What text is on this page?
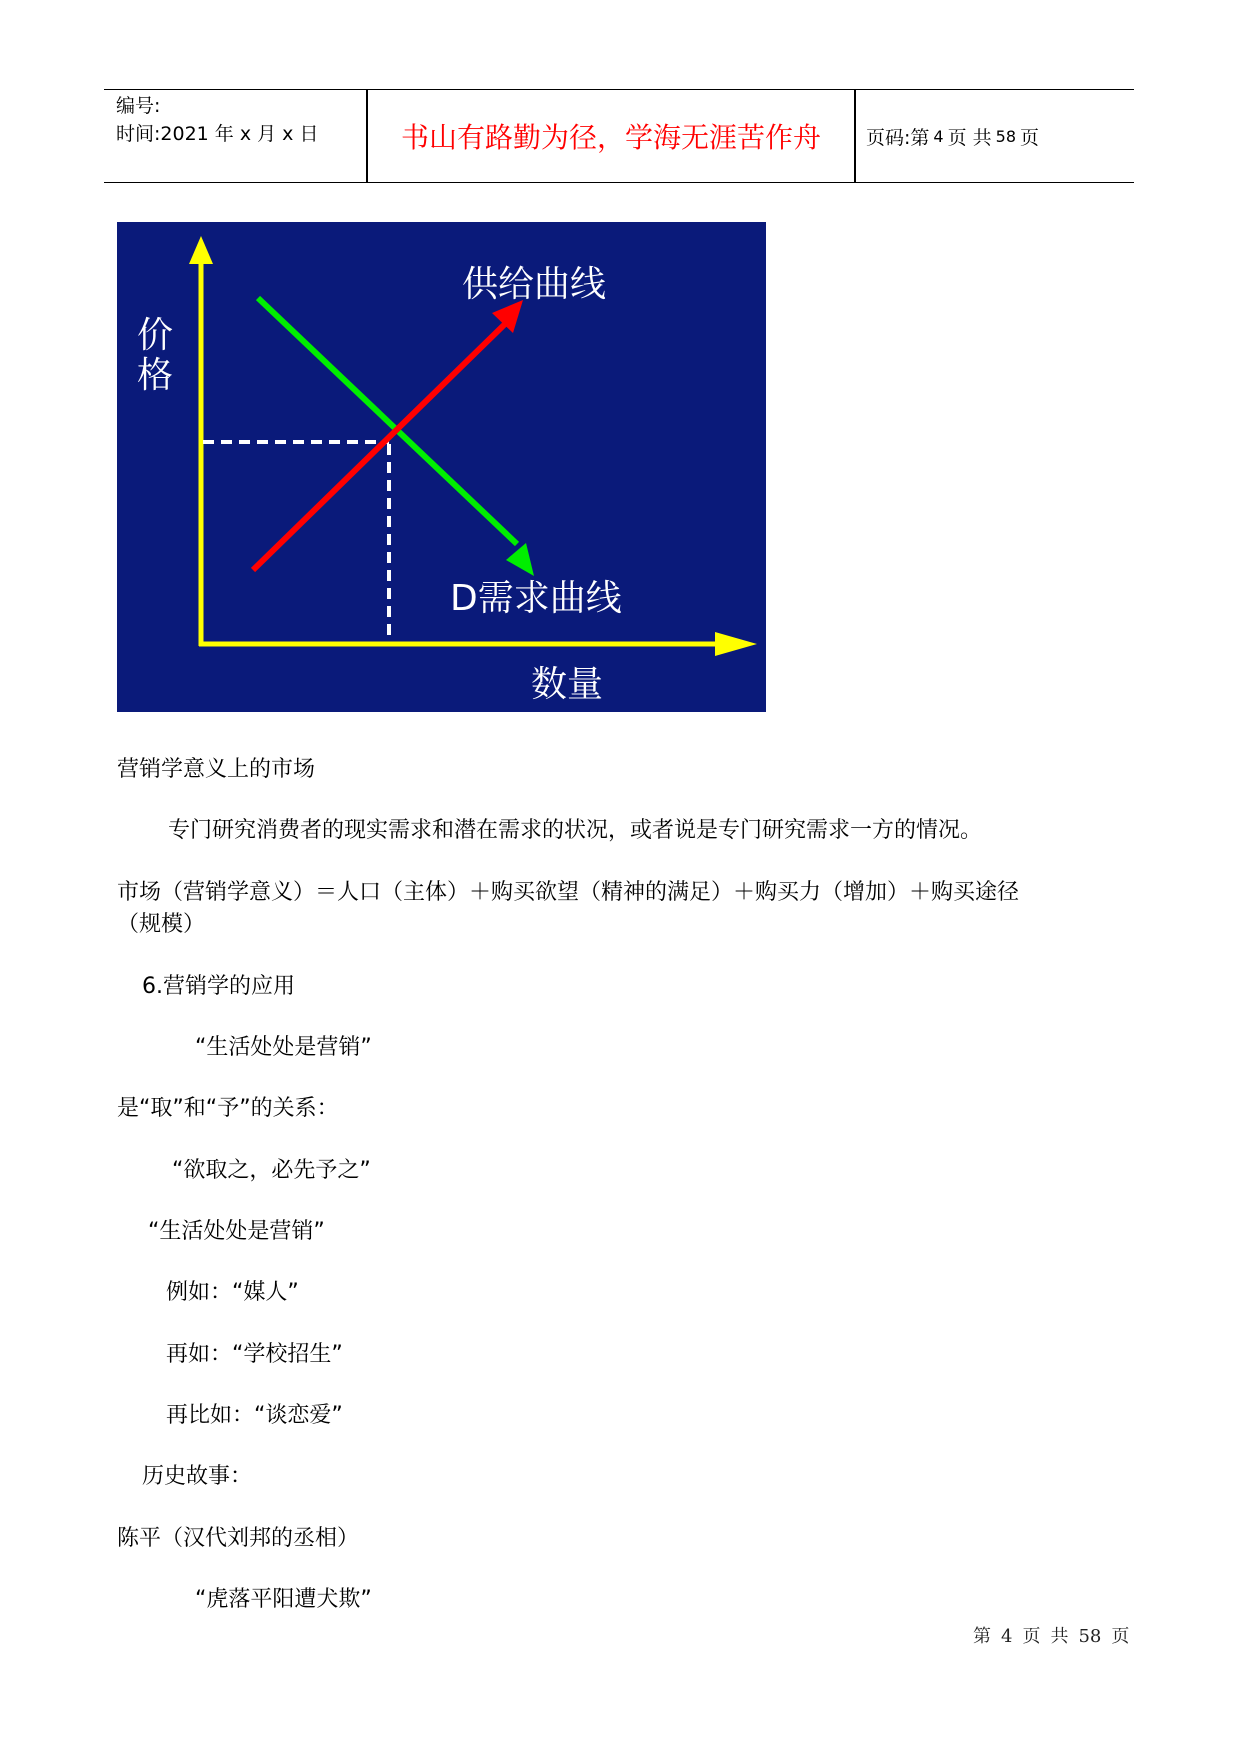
编号:
时间:2021 年 x 月 x 日	书山有路勤为径，学海无涯苦作舟	页码:第 4 页 共 58 页
供给曲线
D需求曲线
价
格
数量
营销学意义上的市场
专门研究消费者的现实需求和潜在需求的状况，或者说是专门研究需求一方的情况。
市场（营销学意义）＝人口（主体）＋购买欲望（精神的满足）＋购买力（增加）＋购买途径
（规模）
6.营销学的应用
“生活处处是营销”
是“取”和“予”的关系：
“欲取之，必先予之”
“生活处处是营销”
例如：“媒人”
再如：“学校招生”
再比如：“谈恋爱”
历史故事：
陈平（汉代刘邦的丞相）
“虎落平阳遭犬欺”
第 4 页 共 58 页
